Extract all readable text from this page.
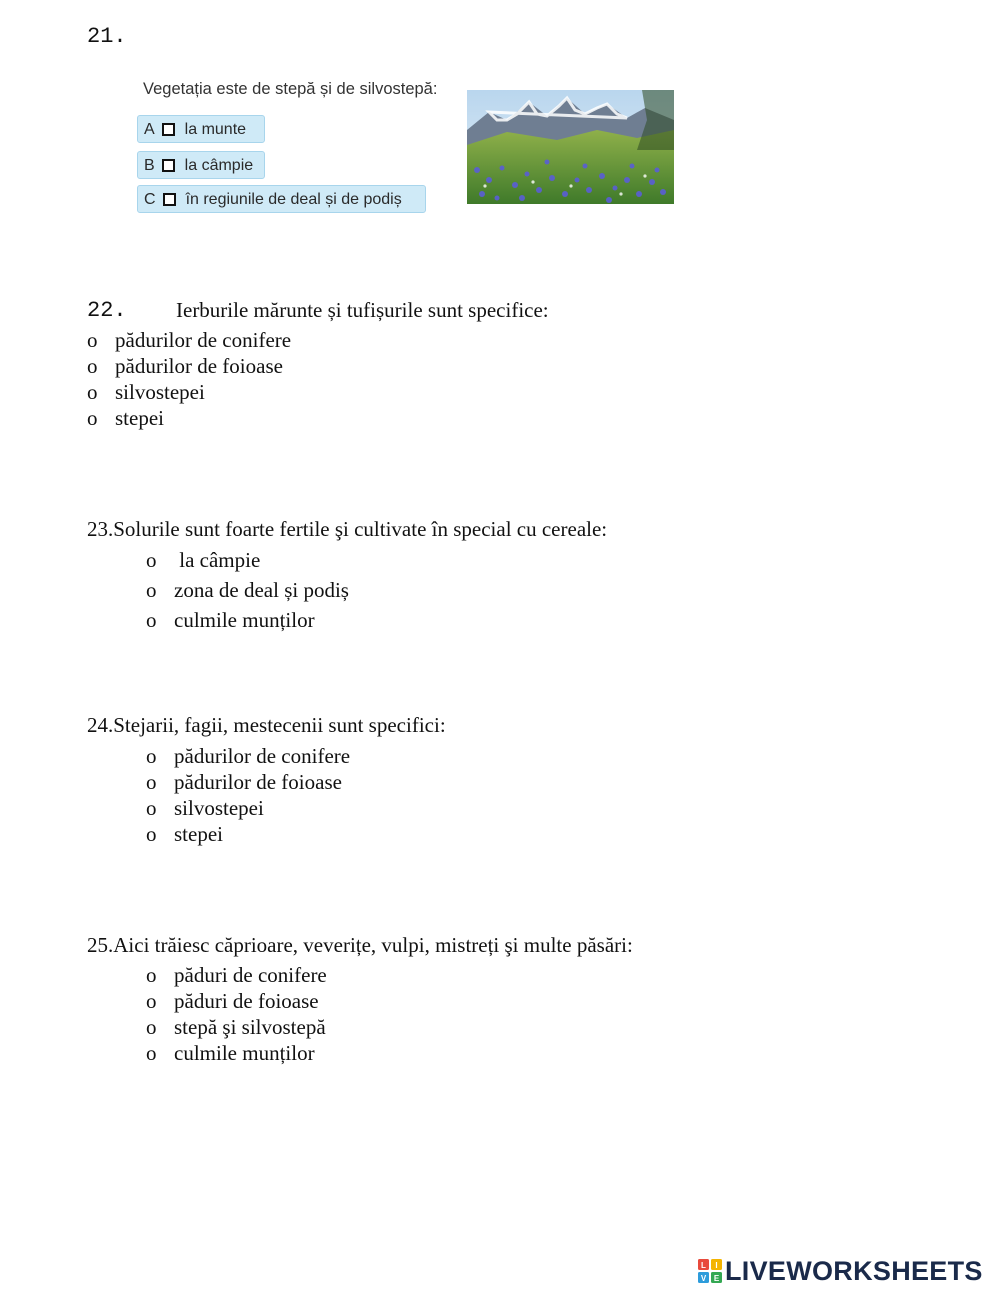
21.
Vegetația este de stepă și de silvostepă:
A la munte
B la câmpie
C în regiunile de deal și de podiș
22. Ierburile mărunte și tufișurile sunt specifice:
o pădurilor de conifere
o pădurilor de foioase
o silvostepei
o stepei
23.Solurile sunt foarte fertile şi cultivate în special cu cereale:
o la câmpie
o zona de deal și podiș
o culmile munților
24.Stejarii, fagii, mestecenii sunt specifici:
o pădurilor de conifere
o pădurilor de foioase
o silvostepei
o stepei
25.Aici trăiesc căprioare, veverițe, vulpi, mistreți şi multe păsări:
o păduri de conifere
o păduri de foioase
o stepă şi silvostepă
o culmile munților
L I
V E LIVEWORKSHEETS
